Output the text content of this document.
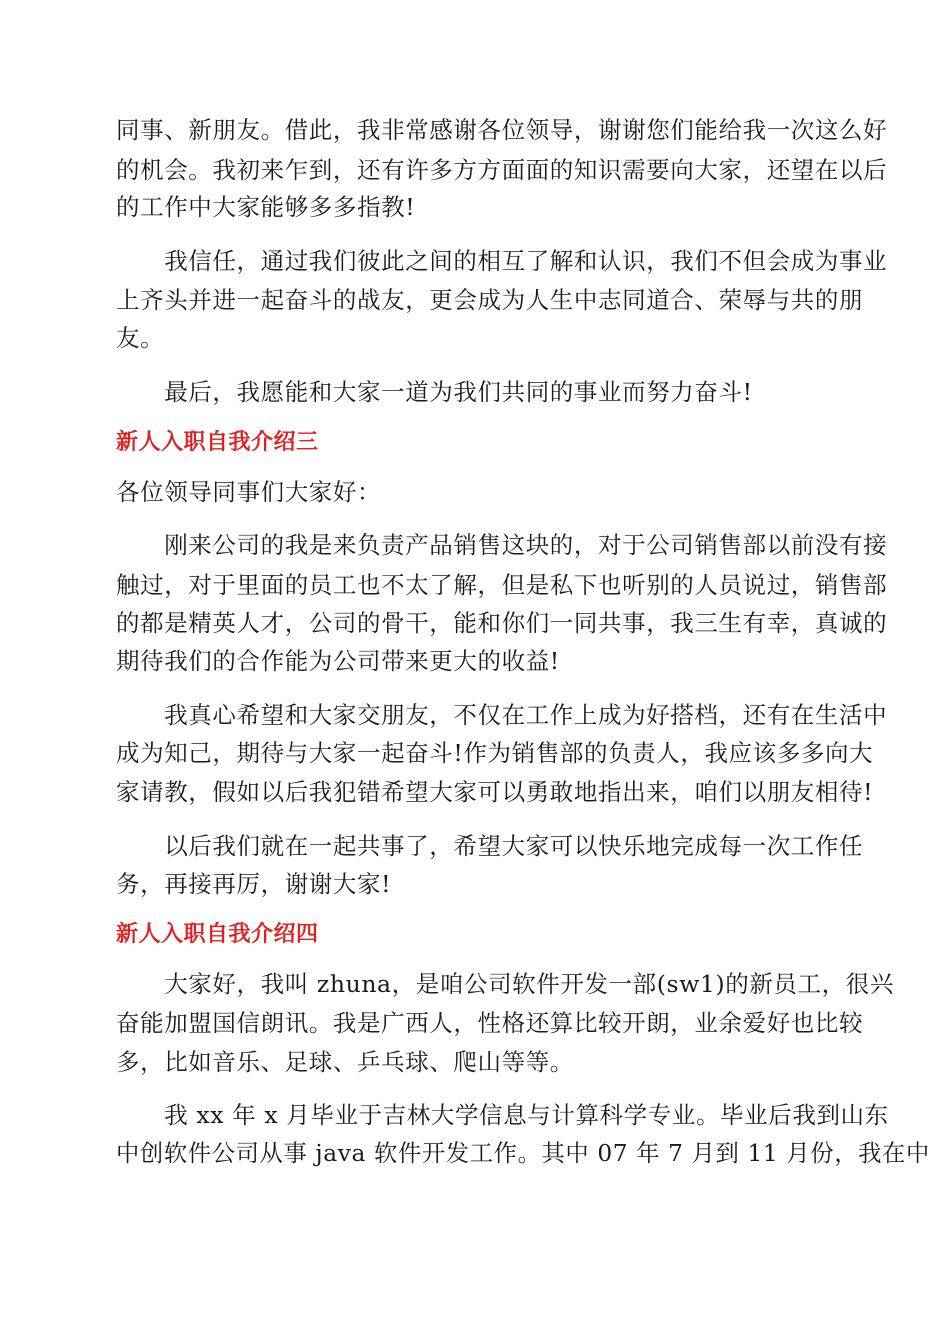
同事、新朋友。借此，我非常感谢各位领导，谢谢您们能给我一次这么好
的机会。我初来乍到，还有许多方方面面的知识需要向大家，还望在以后
的工作中大家能够多多指教!
　　我信任，通过我们彼此之间的相互了解和认识，我们不但会成为事业
上齐头并进一起奋斗的战友，更会成为人生中志同道合、荣辱与共的朋
友。
　　最后，我愿能和大家一道为我们共同的事业而努力奋斗!
新人入职自我介绍三
各位领导同事们大家好：
　　刚来公司的我是来负责产品销售这块的，对于公司销售部以前没有接
触过，对于里面的员工也不太了解，但是私下也听别的人员说过，销售部
的都是精英人才，公司的骨干，能和你们一同共事，我三生有幸，真诚的
期待我们的合作能为公司带来更大的收益!
　　我真心希望和大家交朋友，不仅在工作上成为好搭档，还有在生活中
成为知己，期待与大家一起奋斗!作为销售部的负责人，我应该多多向大
家请教，假如以后我犯错希望大家可以勇敢地指出来，咱们以朋友相待!
　　以后我们就在一起共事了，希望大家可以快乐地完成每一次工作任
务，再接再厉，谢谢大家!
新人入职自我介绍四
　　大家好，我叫 zhuna，是咱公司软件开发一部(sw1)的新员工，很兴
奋能加盟国信朗讯。我是广西人，性格还算比较开朗，业余爱好也比较
多，比如音乐、足球、乒乓球、爬山等等。
　　我 xx 年 x 月毕业于吉林大学信息与计算科学专业。毕业后我到山东
中创软件公司从事 java 软件开发工作。其中 07 年 7 月到 11 月份，我在中
